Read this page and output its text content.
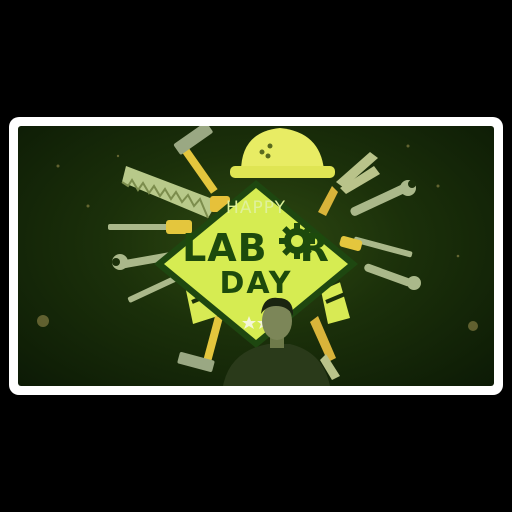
HAPPY
LAB R
DAY
